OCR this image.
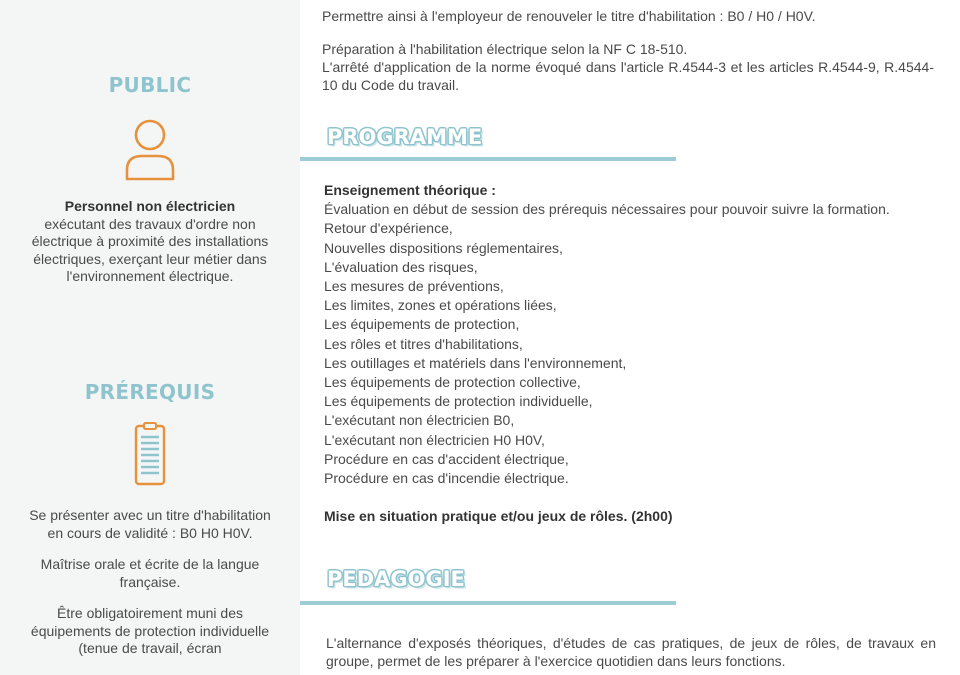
PUBLIC

Personnel non électricien

exécutant des travaux d'ordre non électrique à proximité des installations électriques, exerçant leur métier dans l'environnement électrique.

PRÉREQUIS

Se présenter avec un titre d'habilitation en cours de validité : B0 H0 H0V.

Maîtrise orale et écrite de la langue française.

Être obligatoirement muni des équipements de protection individuelle (tenue de travail, écran

Permettre ainsi à l'employeur de renouveler le titre d'habilitation : B0 / H0 / H0V.

Préparation à l'habilitation électrique selon la NF C 18-510.

L'arrêté d'application de la norme évoqué dans l'article R.4544-3 et les articles R.4544-9, R.4544-10 du Code du travail.

PROGRAMME
Enseignement théorique :
Évaluation en début de session des prérequis nécessaires pour pouvoir suivre la formation.
Retour d'expérience,
Nouvelles dispositions réglementaires,
L'évaluation des risques,
Les mesures de préventions,
Les limites, zones et opérations liées,
Les équipements de protection,
Les rôles et titres d'habilitations,
Les outillages et matériels dans l'environnement,
Les équipements de protection collective,
Les équipements de protection individuelle,
L'exécutant non électricien B0,
L'exécutant non électricien H0 H0V,
Procédure en cas d'accident électrique,
Procédure en cas d'incendie électrique.
Mise en situation pratique et/ou jeux de rôles. (2h00)
PEDAGOGIE

L'alternance d'exposés théoriques, d'études de cas pratiques, de jeux de rôles, de travaux en groupe, permet de les préparer à l'exercice quotidien dans leurs fonctions.
